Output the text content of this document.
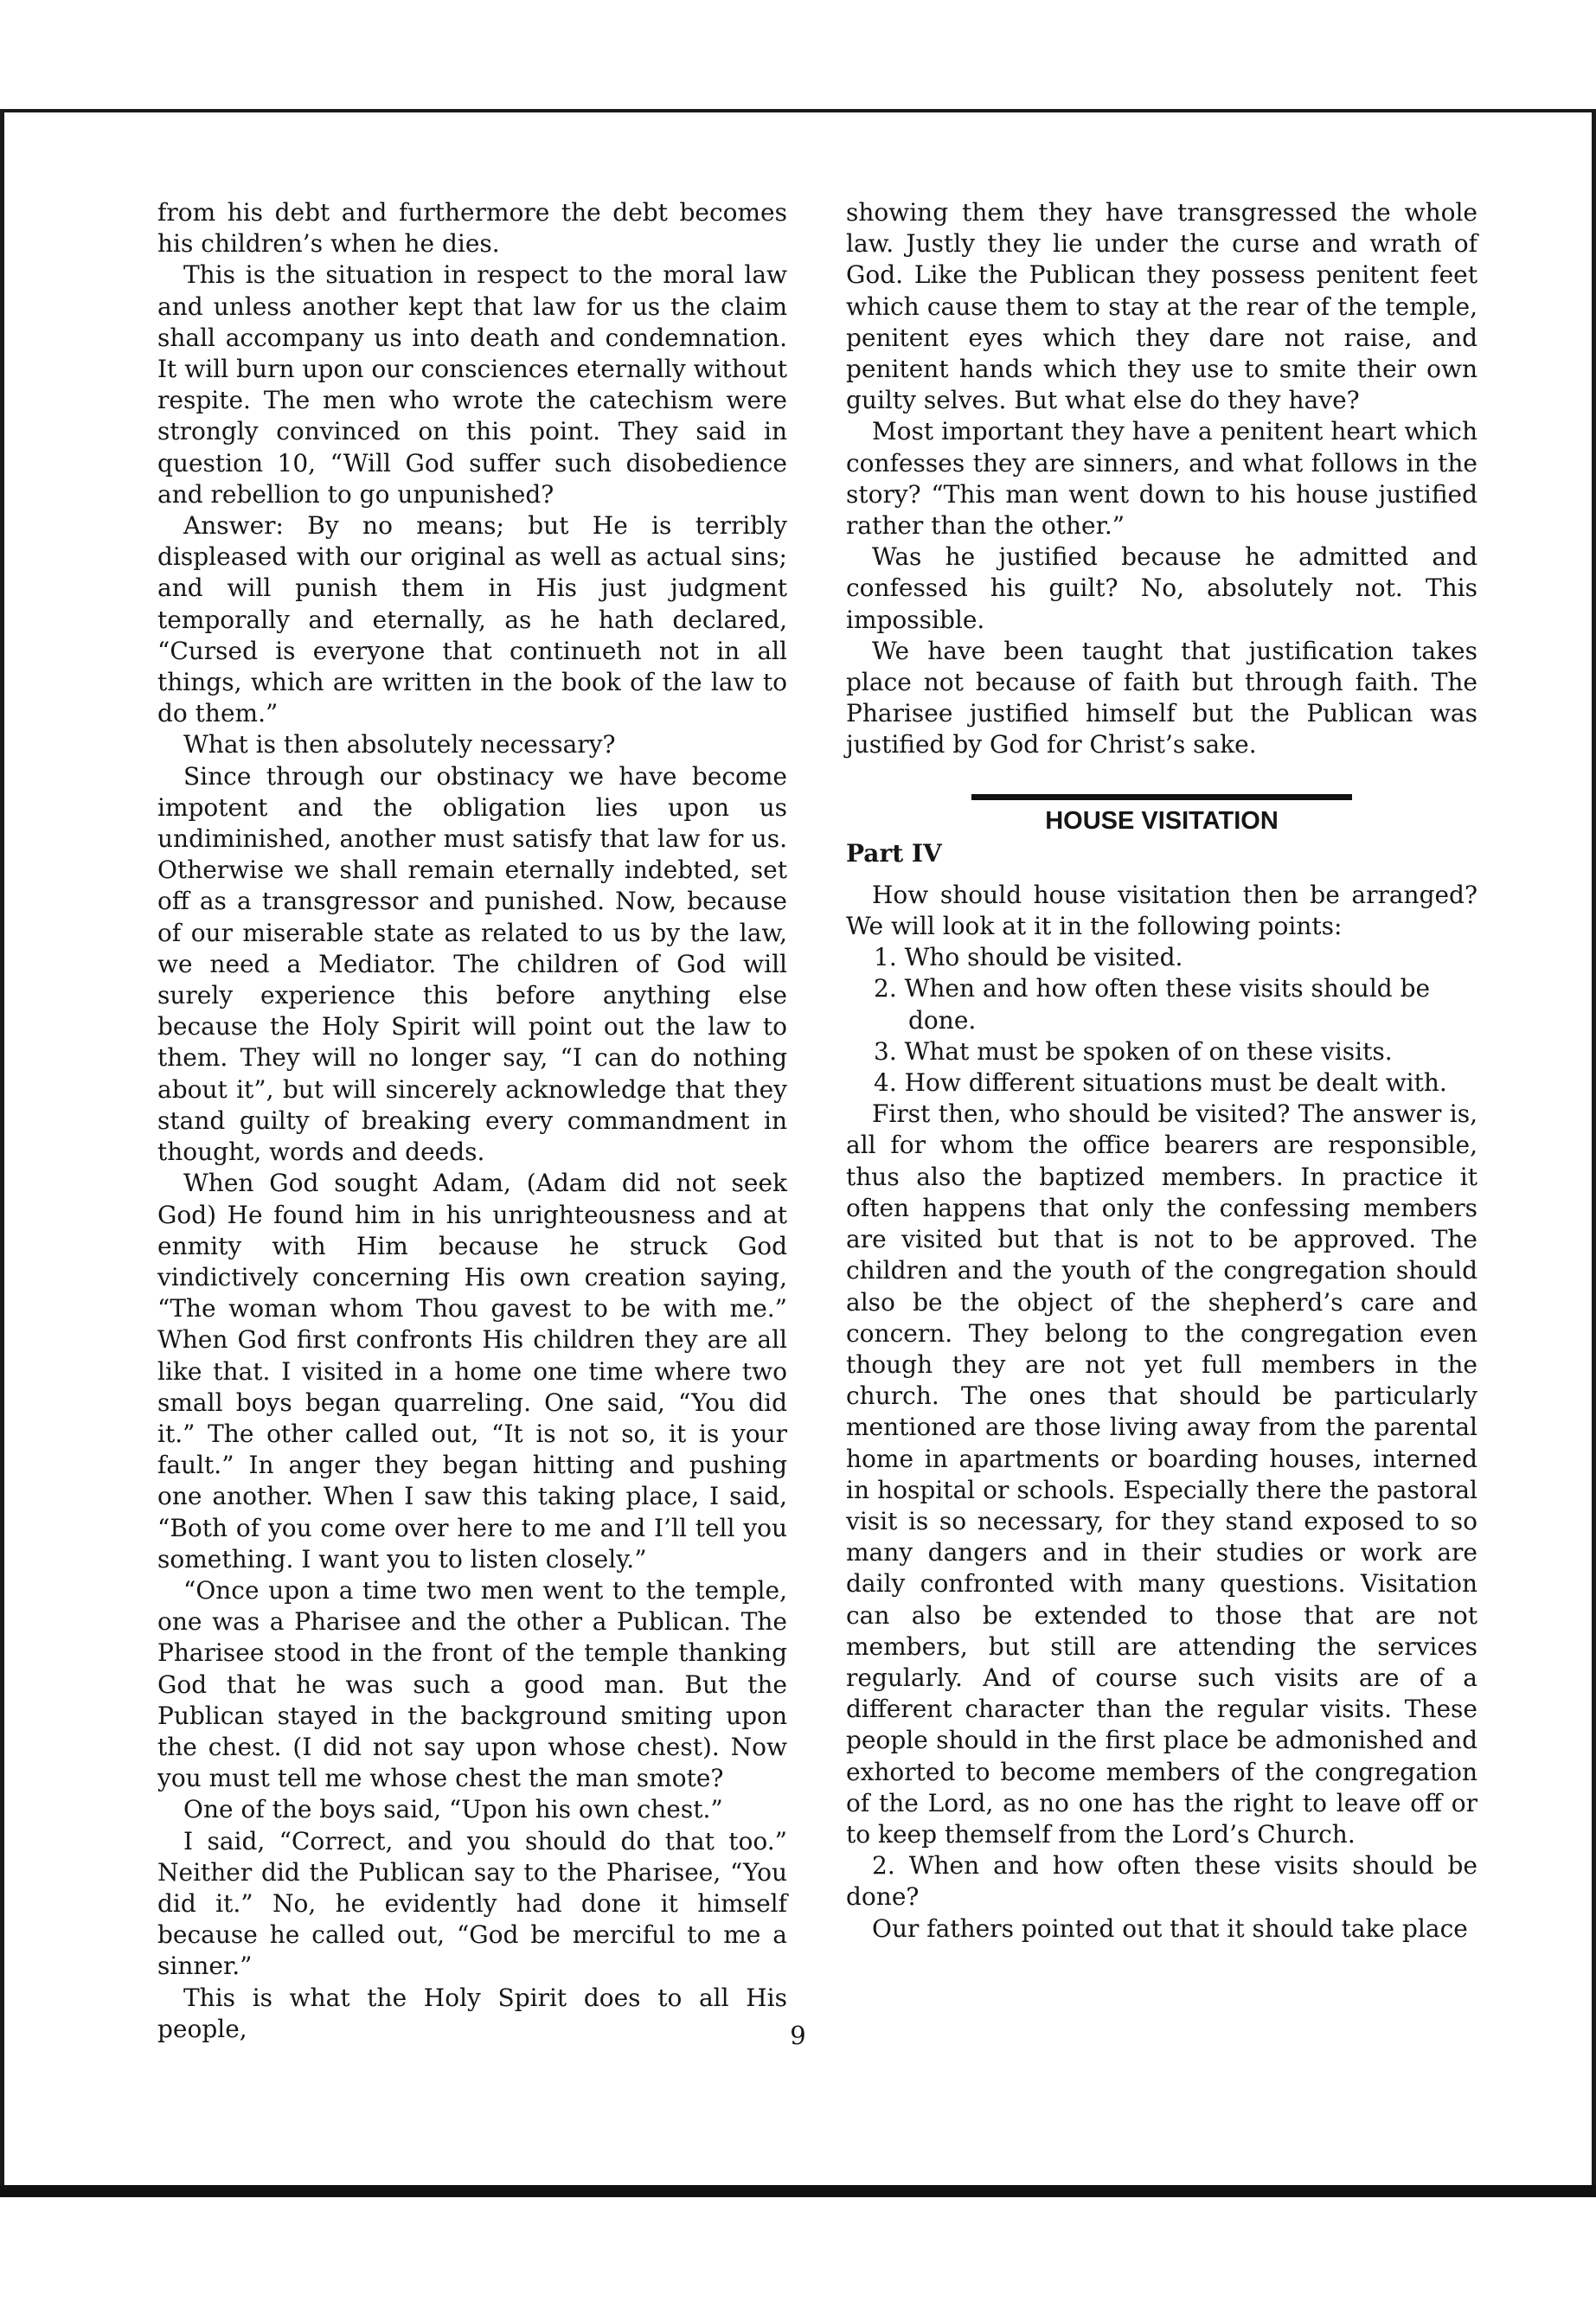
from his debt and furthermore the debt becomes his children’s when he dies.

This is the situation in respect to the moral law and unless another kept that law for us the claim shall accompany us into death and condemnation. It will burn upon our consciences eternally without respite. The men who wrote the catechism were strongly convinced on this point. They said in question 10, “Will God suffer such disobedience and rebellion to go unpunished?

Answer: By no means; but He is terribly displeased with our original as well as actual sins; and will punish them in His just judgment temporally and eternally, as he hath declared, “Cursed is everyone that continueth not in all things, which are written in the book of the law to do them.”

What is then absolutely necessary?

Since through our obstinacy we have become impotent and the obligation lies upon us undiminished, another must satisfy that law for us. Otherwise we shall remain eternally indebted, set off as a transgressor and punished. Now, because of our miserable state as related to us by the law, we need a Mediator. The children of God will surely experience this before anything else because the Holy Spirit will point out the law to them. They will no longer say, “I can do nothing about it”, but will sincerely acknowledge that they stand guilty of breaking every commandment in thought, words and deeds.

When God sought Adam, (Adam did not seek God) He found him in his unrighteousness and at enmity with Him because he struck God vindictively concerning His own creation saying, “The woman whom Thou gavest to be with me.” When God first confronts His children they are all like that. I visited in a home one time where two small boys began quarreling. One said, “You did it.” The other called out, “It is not so, it is your fault.” In anger they began hitting and pushing one another. When I saw this taking place, I said, “Both of you come over here to me and I’ll tell you something. I want you to listen closely.”

“Once upon a time two men went to the temple, one was a Pharisee and the other a Publican. The Pharisee stood in the front of the temple thanking God that he was such a good man. But the Publican stayed in the background smiting upon the chest. (I did not say upon whose chest). Now you must tell me whose chest the man smote?

One of the boys said, “Upon his own chest.”

I said, “Correct, and you should do that too.” Neither did the Publican say to the Pharisee, “You did it.” No, he evidently had done it himself because he called out, “God be merciful to me a sinner.”

This is what the Holy Spirit does to all His people,

showing them they have transgressed the whole law. Justly they lie under the curse and wrath of God. Like the Publican they possess penitent feet which cause them to stay at the rear of the temple, penitent eyes which they dare not raise, and penitent hands which they use to smite their own guilty selves. But what else do they have?

Most important they have a penitent heart which confesses they are sinners, and what follows in the story? “This man went down to his house justified rather than the other.”

Was he justified because he admitted and confessed his guilt? No, absolutely not. This impossible.

We have been taught that justification takes place not because of faith but through faith. The Pharisee justified himself but the Publican was justified by God for Christ’s sake.

HOUSE VISITATION

Part IV

How should house visitation then be arranged? We will look at it in the following points:

1. Who should be visited.
2. When and how often these visits should be done.
3. What must be spoken of on these visits.
4. How different situations must be dealt with.

First then, who should be visited? The answer is, all for whom the office bearers are responsible, thus also the baptized members. In practice it often happens that only the confessing members are visited but that is not to be approved. The children and the youth of the congregation should also be the object of the shepherd’s care and concern. They belong to the congregation even though they are not yet full members in the church. The ones that should be particularly mentioned are those living away from the parental home in apartments or boarding houses, interned in hospital or schools. Especially there the pastoral visit is so necessary, for they stand exposed to so many dangers and in their studies or work are daily confronted with many questions. Visitation can also be extended to those that are not members, but still are attending the services regularly. And of course such visits are of a different character than the regular visits. These people should in the first place be admonished and exhorted to become members of the congregation of the Lord, as no one has the right to leave off or to keep themself from the Lord’s Church.

2. When and how often these visits should be done?

Our fathers pointed out that it should take place

9
